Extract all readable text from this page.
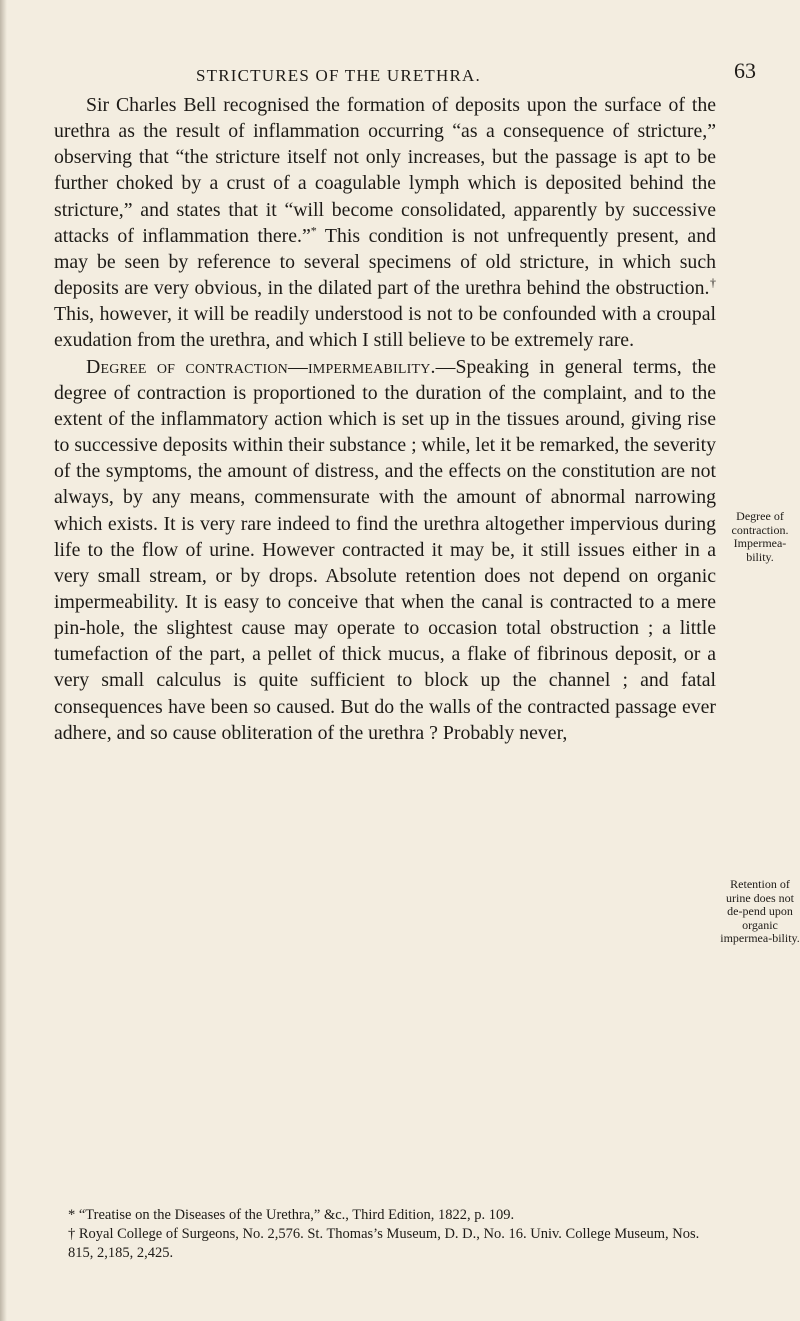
STRICTURES OF THE URETHRA.	63

Sir Charles Bell recognised the formation of deposits upon the surface of the urethra as the result of inflammation occurring “as a consequence of stricture,” observing that “the stricture itself not only increases, but the passage is apt to be further choked by a crust of a coagulable lymph which is deposited behind the stricture,” and states that it “will become consolidated, apparently by successive attacks of inflammation there.”* This condition is not unfrequently present, and may be seen by reference to several specimens of old stricture, in which such deposits are very obvious, in the dilated part of the urethra behind the obstruction.† This, however, it will be readily understood is not to be confounded with a croupal exudation from the urethra, and which I still believe to be extremely rare.

Degree of contraction—impermeability.—Speaking in general terms, the degree of contraction is proportioned to the duration of the complaint, and to the extent of the inflammatory action which is set up in the tissues around, giving rise to successive deposits within their substance ; while, let it be remarked, the severity of the symptoms, the amount of distress, and the effects on the constitution are not always, by any means, commensurate with the amount of abnormal narrowing which exists. It is very rare indeed to find the urethra altogether impervious during life to the flow of urine. However contracted it may be, it still issues either in a very small stream, or by drops. Absolute retention does not depend on organic impermeability. It is easy to conceive that when the canal is contracted to a mere pin-hole, the slightest cause may operate to occasion total obstruction ; a little tumefaction of the part, a pellet of thick mucus, a flake of fibrinous deposit, or a very small calculus is quite sufficient to block up the channel ; and fatal consequences have been so caused. But do the walls of the contracted passage ever adhere, and so cause obliteration of the urethra ? Probably never,

Degree of contraction. Impermea-bility.
Retention of urine does not de-pend upon organic impermea-bility.

* “Treatise on the Diseases of the Urethra,” &c., Third Edition, 1822, p. 109.

† Royal College of Surgeons, No. 2,576. St. Thomas’s Museum, D. D., No. 16. Univ. College Museum, Nos. 815, 2,185, 2,425.
